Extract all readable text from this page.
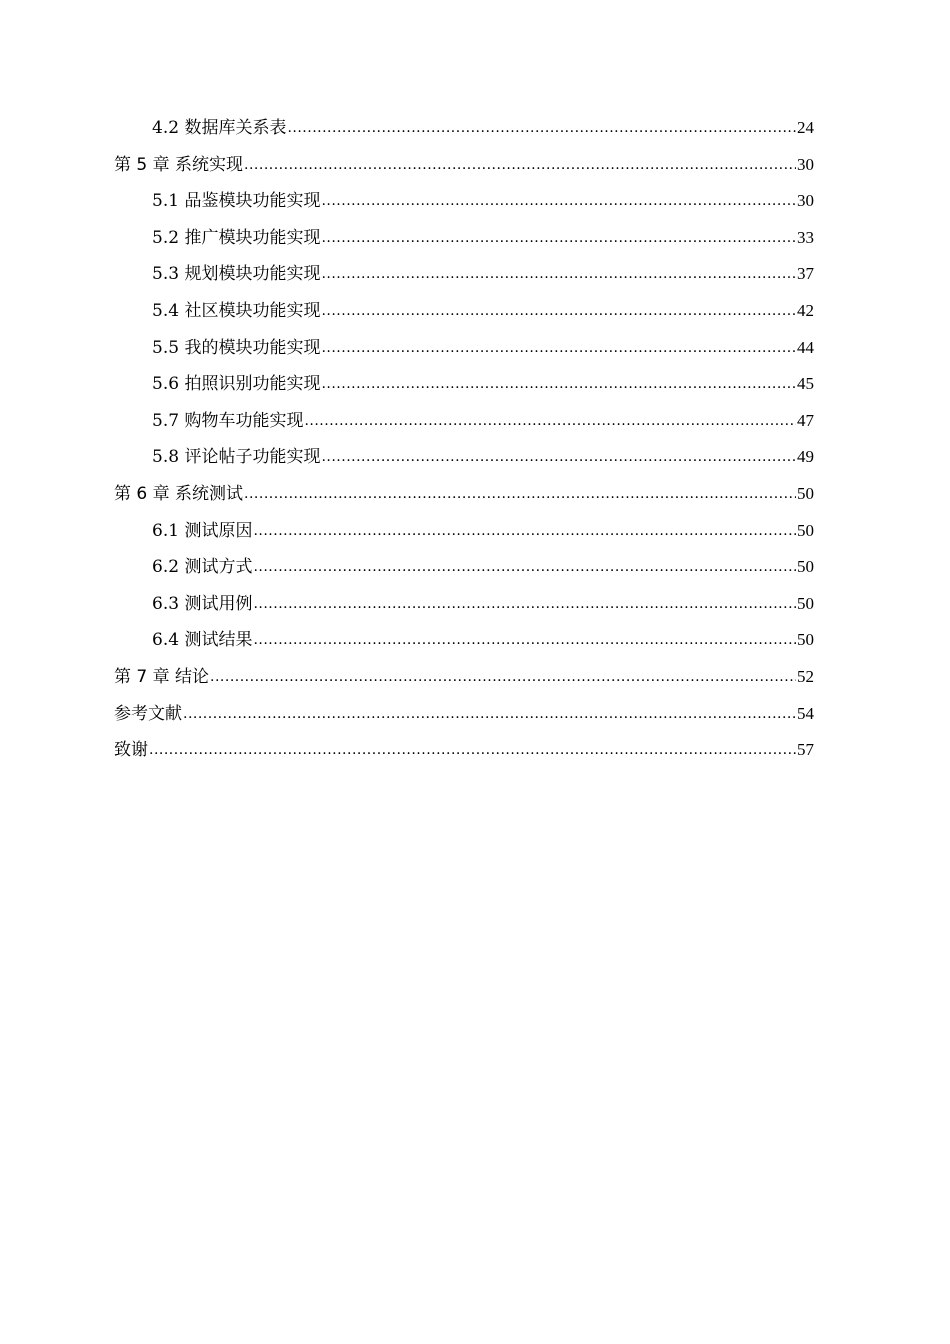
4.2 数据库关系表 .....	24
第 5 章 系统实现 .....	30
5.1 品鉴模块功能实现 .....	30
5.2 推广模块功能实现 .....	33
5.3 规划模块功能实现 .....	37
5.4 社区模块功能实现 .....	42
5.5 我的模块功能实现 .....	44
5.6 拍照识别功能实现 .....	45
5.7 购物车功能实现 .....	47
5.8 评论帖子功能实现 .....	49
第 6 章 系统测试 .....	50
6.1 测试原因 .....	50
6.2 测试方式 .....	50
6.3 测试用例 .....	50
6.4 测试结果 .....	50
第 7 章 结论 .....	52
参考文献 .....	54
致谢 .....	57
